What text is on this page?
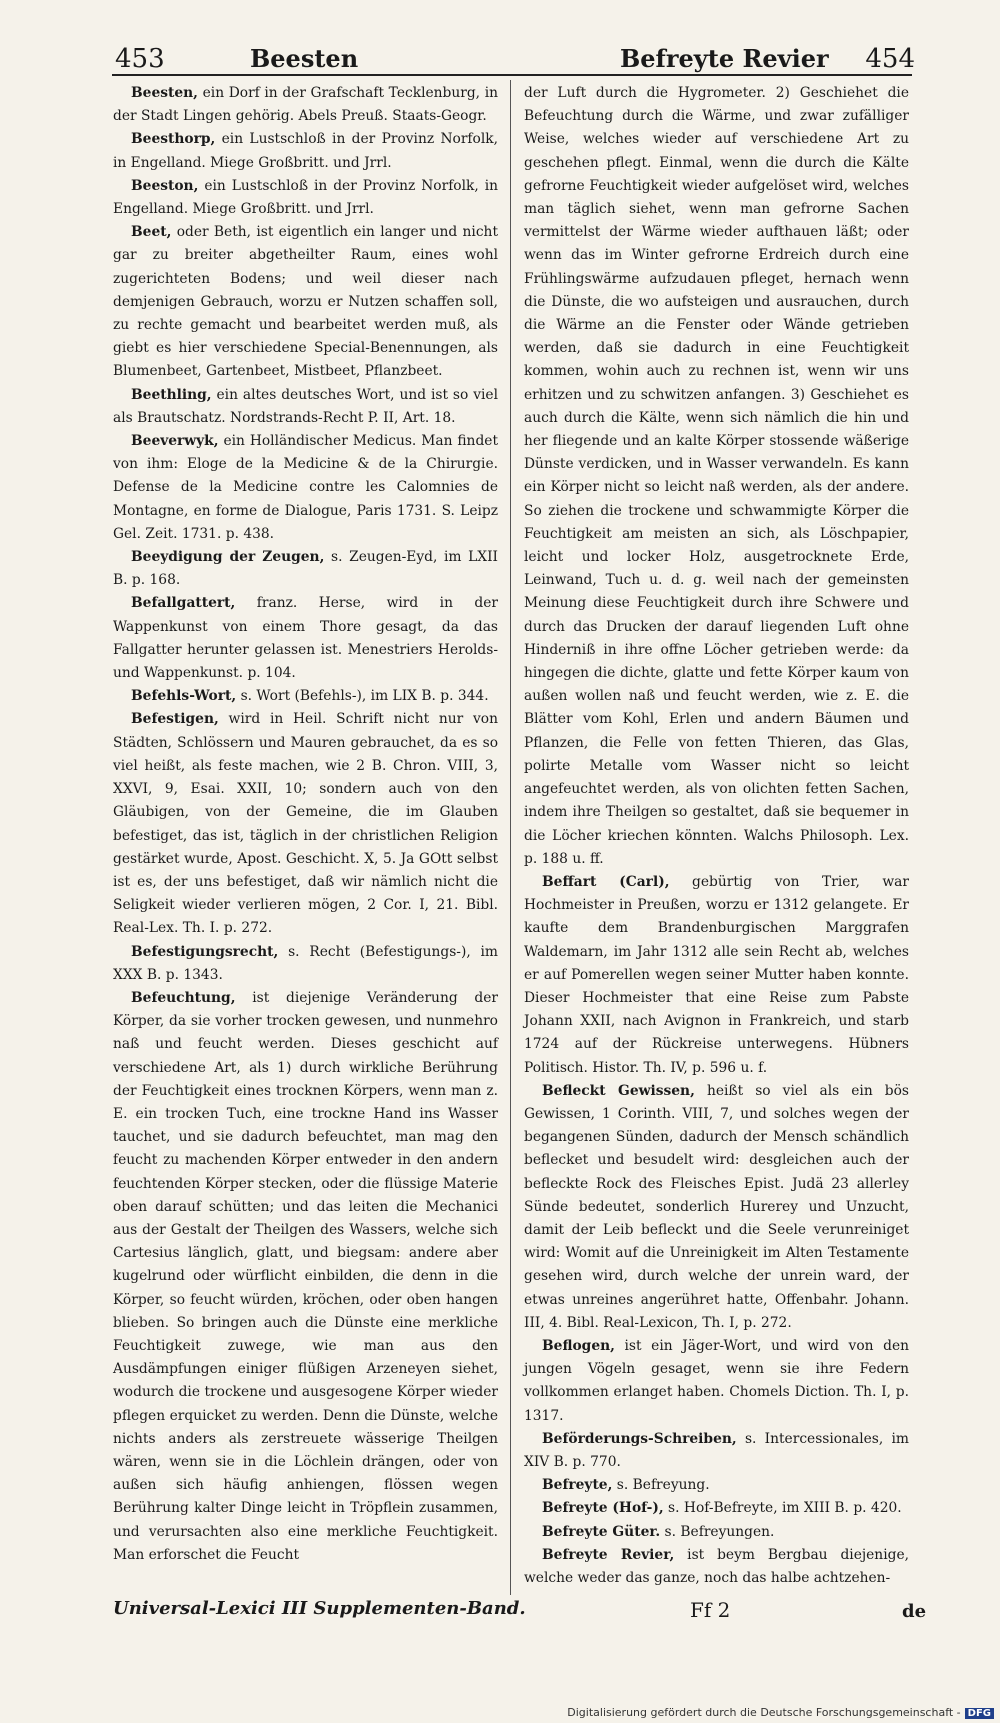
453	Beesten	Befreyte Revier 454

Beesten, ein Dorf in der Grafschaft Tecklenburg, in der Stadt Lingen gehörig. Abels Preuß. Staats-Geogr.

Beesthorp, ein Lustschloß in der Provinz Norfolk, in Engelland. Miege Großbritt. und Jrrl.

Beeston, ein Lustschloß in der Provinz Norfolk, in Engelland. Miege Großbritt. und Jrrl.

Beet, oder Beth, ist eigentlich ein langer und nicht gar zu breiter abgetheilter Raum, eines wohl zugerichteten Bodens; und weil dieser nach demjenigen Gebrauch, worzu er Nutzen schaffen soll, zu rechte gemacht und bearbeitet werden muß, als giebt es hier verschiedene Special-Benennungen, als Blumenbeet, Gartenbeet, Mistbeet, Pflanzbeet.

Beethling, ein altes deutsches Wort, und ist so viel als Brautschatz. Nordstrands-Recht P. II, Art. 18.

Beeverwyk, ein Holländischer Medicus. Man findet von ihm: Eloge de la Medicine & de la Chirurgie. Defense de la Medicine contre les Calomnies de Montagne, en forme de Dialogue, Paris 1731. S. Leipz Gel. Zeit. 1731. p. 438.

Beeydigung der Zeugen, s. Zeugen-Eyd, im LXII B. p. 168.

Befallgattert, franz. Herse, wird in der Wappenkunst von einem Thore gesagt, da das Fallgatter herunter gelassen ist. Menestriers Herolds- und Wappenkunst. p. 104.

Befehls-Wort, s. Wort (Befehls-), im LIX B. p. 344.

Befestigen, wird in Heil. Schrift nicht nur von Städten, Schlössern und Mauren gebrauchet, da es so viel heißt, als feste machen, wie 2 B. Chron. VIII, 3, XXVI, 9, Esai. XXII, 10; sondern auch von den Gläubigen, von der Gemeine, die im Glauben befestiget, das ist, täglich in der christlichen Religion gestärket wurde, Apost. Geschicht. X, 5. Ja GOtt selbst ist es, der uns befestiget, daß wir nämlich nicht die Seligkeit wieder verlieren mögen, 2 Cor. I, 21. Bibl. Real-Lex. Th. I. p. 272.

Befestigungsrecht, s. Recht (Befestigungs-), im XXX B. p. 1343.

Befeuchtung, ist diejenige Veränderung der Körper, da sie vorher trocken gewesen, und nunmehro naß und feucht werden. Dieses geschicht auf verschiedene Art, als 1) durch wirkliche Berührung der Feuchtigkeit eines trocknen Körpers, wenn man z. E. ein trocken Tuch, eine trockne Hand ins Wasser tauchet, und sie dadurch befeuchtet, man mag den feucht zu machenden Körper entweder in den andern feuchtenden Körper stecken, oder die flüssige Materie oben darauf schütten; und das leiten die Mechanici aus der Gestalt der Theilgen des Wassers, welche sich Cartesius länglich, glatt, und biegsam: andere aber kugelrund oder würflicht einbilden, die denn in die Körper, so feucht würden, kröchen, oder oben hangen blieben. So bringen auch die Dünste eine merkliche Feuchtigkeit zuwege, wie man aus den Ausdämpfungen einiger flüßigen Arzeneyen siehet, wodurch die trockene und ausgesogene Körper wieder pflegen erquicket zu werden. Denn die Dünste, welche nichts anders als zerstreuete wässerige Theilgen wären, wenn sie in die Löchlein drängen, oder von außen sich häufig anhiengen, flössen wegen Berührung kalter Dinge leicht in Tröpflein zusammen, und verursachten also eine merkliche Feuchtigkeit. Man erforschet die Feucht

der Luft durch die Hygrometer. 2) Geschiehet die Befeuchtung durch die Wärme, und zwar zufälliger Weise, welches wieder auf verschiedene Art zu geschehen pflegt. Einmal, wenn die durch die Kälte gefrorne Feuchtigkeit wieder aufgelöset wird, welches man täglich siehet, wenn man gefrorne Sachen vermittelst der Wärme wieder aufthauen läßt; oder wenn das im Winter gefrorne Erdreich durch eine Frühlingswärme aufzudauen pfleget, hernach wenn die Dünste, die wo aufsteigen und ausrauchen, durch die Wärme an die Fenster oder Wände getrieben werden, daß sie dadurch in eine Feuchtigkeit kommen, wohin auch zu rechnen ist, wenn wir uns erhitzen und zu schwitzen anfangen. 3) Geschiehet es auch durch die Kälte, wenn sich nämlich die hin und her fliegende und an kalte Körper stossende wäßerige Dünste verdicken, und in Wasser verwandeln. Es kann ein Körper nicht so leicht naß werden, als der andere. So ziehen die trockene und schwammigte Körper die Feuchtigkeit am meisten an sich, als Löschpapier, leicht und locker Holz, ausgetrocknete Erde, Leinwand, Tuch u. d. g. weil nach der gemeinsten Meinung diese Feuchtigkeit durch ihre Schwere und durch das Drucken der darauf liegenden Luft ohne Hinderniß in ihre offne Löcher getrieben werde: da hingegen die dichte, glatte und fette Körper kaum von außen wollen naß und feucht werden, wie z. E. die Blätter vom Kohl, Erlen und andern Bäumen und Pflanzen, die Felle von fetten Thieren, das Glas, polirte Metalle vom Wasser nicht so leicht angefeuchtet werden, als von olichten fetten Sachen, indem ihre Theilgen so gestaltet, daß sie bequemer in die Löcher kriechen könnten. Walchs Philosoph. Lex. p. 188 u. ff.

Beffart (Carl), gebürtig von Trier, war Hochmeister in Preußen, worzu er 1312 gelangete. Er kaufte dem Brandenburgischen Marggrafen Waldemarn, im Jahr 1312 alle sein Recht ab, welches er auf Pomerellen wegen seiner Mutter haben konnte. Dieser Hochmeister that eine Reise zum Pabste Johann XXII, nach Avignon in Frankreich, und starb 1724 auf der Rückreise unterwegens. Hübners Politisch. Histor. Th. IV, p. 596 u. f.

Befleckt Gewissen, heißt so viel als ein bös Gewissen, 1 Corinth. VIII, 7, und solches wegen der begangenen Sünden, dadurch der Mensch schändlich beflecket und besudelt wird: desgleichen auch der befleckte Rock des Fleisches Epist. Judä 23 allerley Sünde bedeutet, sonderlich Hurerey und Unzucht, damit der Leib befleckt und die Seele verunreiniget wird: Womit auf die Unreinigkeit im Alten Testamente gesehen wird, durch welche der unrein ward, der etwas unreines angerühret hatte, Offenbahr. Johann. III, 4. Bibl. Real-Lexicon, Th. I, p. 272.

Beflogen, ist ein Jäger-Wort, und wird von den jungen Vögeln gesaget, wenn sie ihre Federn vollkommen erlanget haben. Chomels Diction. Th. I, p. 1317.

Beförderungs-Schreiben, s. Intercessionales, im XIV B. p. 770.

Befreyte, s. Befreyung.

Befreyte (Hof-), s. Hof-Befreyte, im XIII B. p. 420.

Befreyte Güter. s. Befreyungen.

Befreyte Revier, ist beym Bergbau diejenige, welche weder das ganze, noch das halbe achtzehen-

Universal-Lexici III Supplementen-Band.	Ff 2	de
Digitalisierung gefördert durch die Deutsche Forschungsgemeinschaft - DFG
